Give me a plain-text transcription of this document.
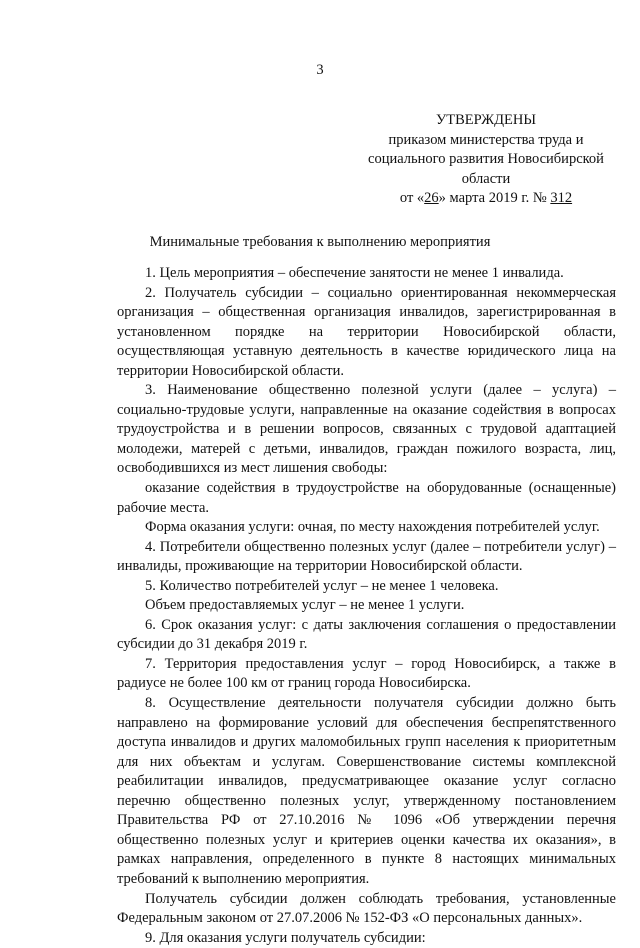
3
УТВЕРЖДЕНЫ
приказом министерства труда и
социального развития Новосибирской
области
от «26» марта 2019 г. № 312
Минимальные требования к выполнению мероприятия

1. Цель мероприятия – обеспечение занятости не менее 1 инвалида.

2. Получатель субсидии – социально ориентированная некоммерческая организация – общественная организация инвалидов, зарегистрированная в установленном порядке на территории Новосибирской области, осуществляющая уставную деятельность в качестве юридического лица на территории Новосибирской области.

3. Наименование общественно полезной услуги (далее – услуга) – социально-трудовые услуги, направленные на оказание содействия в вопросах трудоустройства и в решении вопросов, связанных с трудовой адаптацией молодежи, матерей с детьми, инвалидов, граждан пожилого возраста, лиц, освободившихся из мест лишения свободы:

оказание содействия в трудоустройстве на оборудованные (оснащенные) рабочие места.

Форма оказания услуги: очная, по месту нахождения потребителей услуг.

4. Потребители общественно полезных услуг (далее – потребители услуг) – инвалиды, проживающие на территории Новосибирской области.

5. Количество потребителей услуг – не менее 1 человека.

Объем предоставляемых услуг – не менее 1 услуги.

6. Срок оказания услуг: с даты заключения соглашения о предоставлении субсидии до 31 декабря 2019 г.

7. Территория предоставления услуг – город Новосибирск, а также в радиусе не более 100 км от границ города Новосибирска.

8. Осуществление деятельности получателя субсидии должно быть направлено на формирование условий для обеспечения беспрепятственного доступа инвалидов и других маломобильных групп населения к приоритетным для них объектам и услугам. Совершенствование системы комплексной реабилитации инвалидов, предусматривающее оказание услуг согласно перечню общественно полезных услуг, утвержденному постановлением Правительства РФ от 27.10.2016 № 1096 «Об утверждении перечня общественно полезных услуг и критериев оценки качества их оказания», в рамках направления, определенного в пункте 8 настоящих минимальных требований к выполнению мероприятия.

Получатель субсидии должен соблюдать требования, установленные Федеральным законом от 27.07.2006 № 152-ФЗ «О персональных данных».

9. Для оказания услуги получатель субсидии:
